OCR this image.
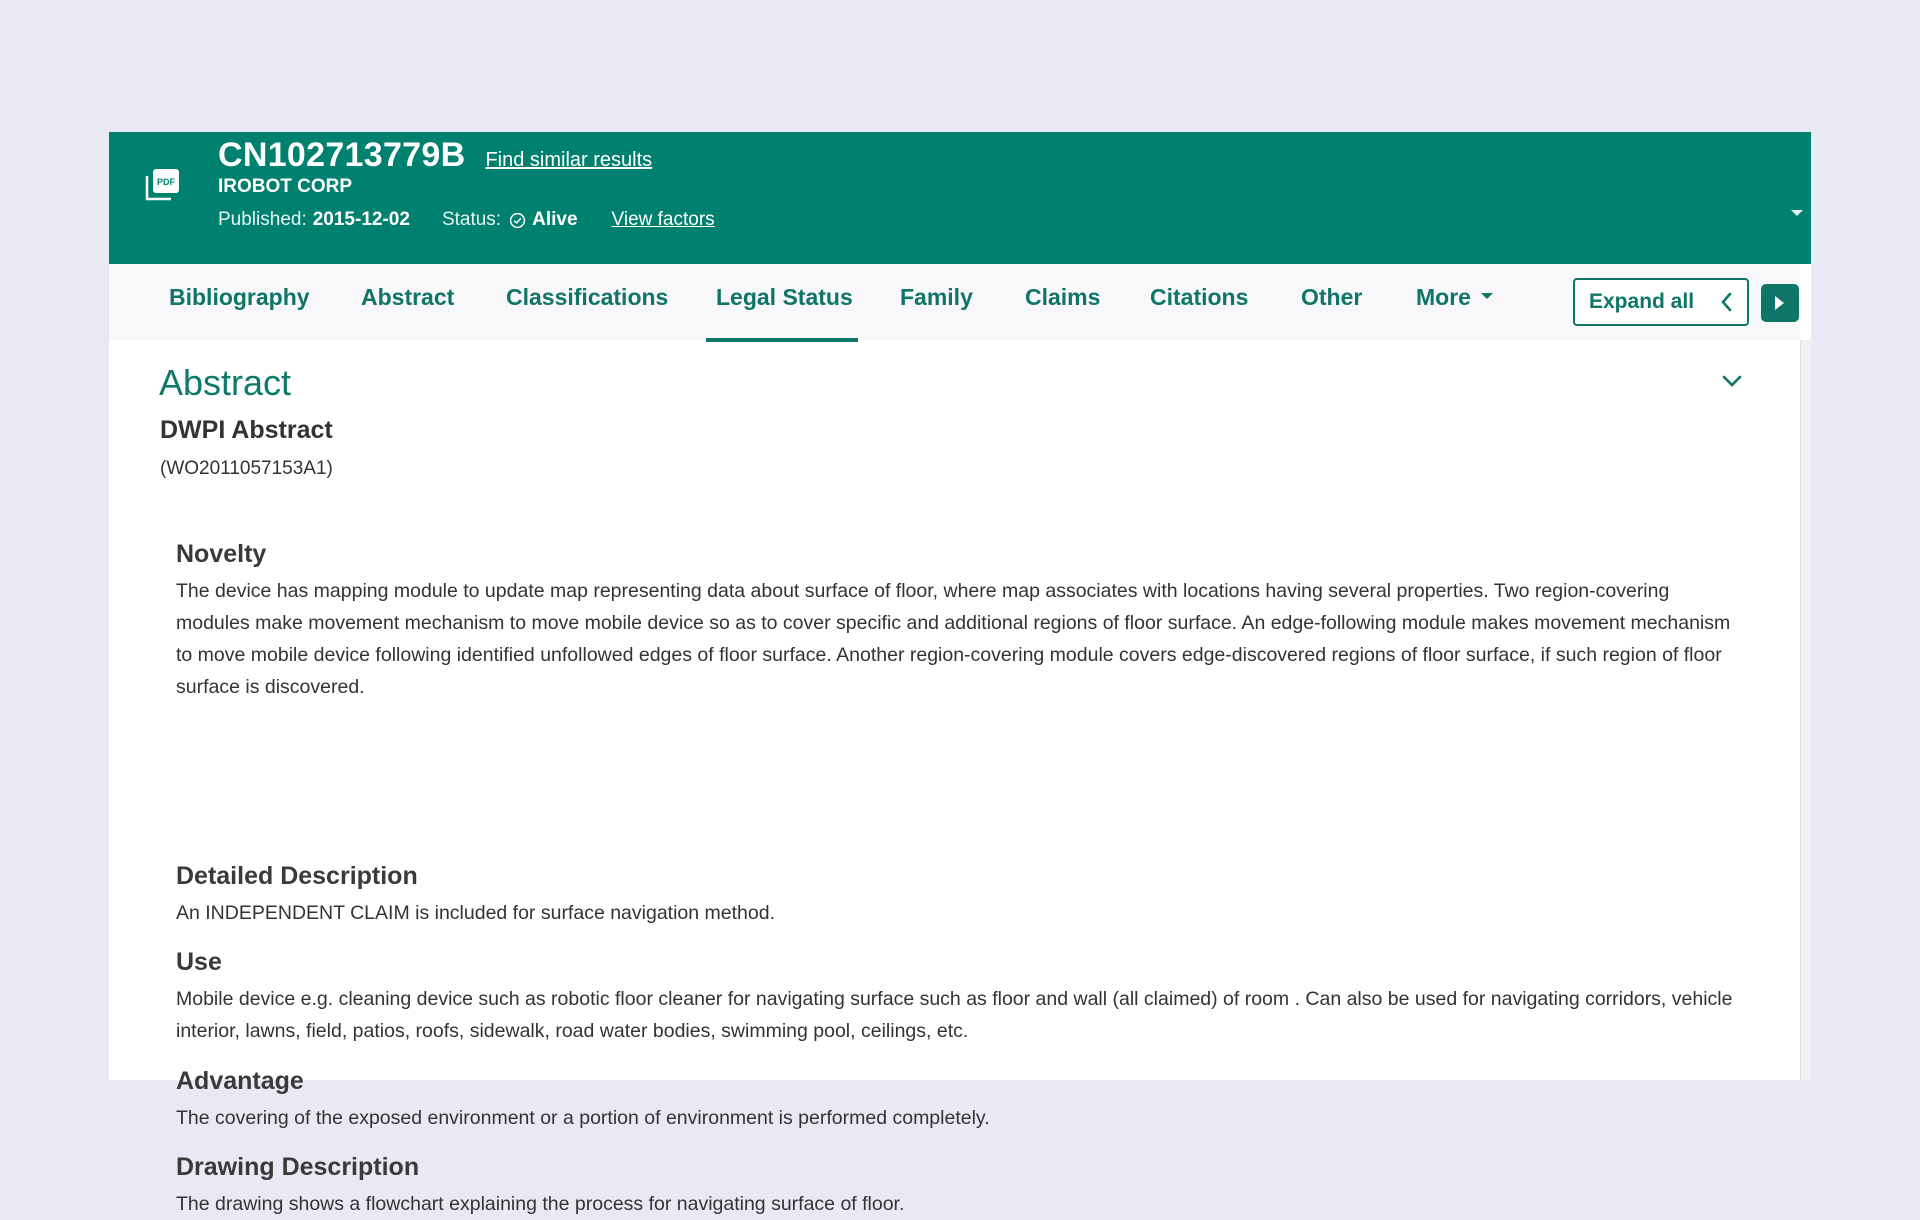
PDF
CN102713779B Find similar results
IROBOT CORP
Published: 2015-12-02 Status: Alive View factors
Bibliography Abstract Classifications Legal Status Family Claims Citations Other More	Expand all
Abstract
DWPI Abstract
(WO2011057153A1)
Novelty

The device has mapping module to update map representing data about surface of floor, where map associates with locations having several properties. Two region-covering modules make movement mechanism to move mobile device so as to cover specific and additional regions of floor surface. An edge-following module makes movement mechanism to move mobile device following identified unfollowed edges of floor surface. Another region-covering module covers edge-discovered regions of floor surface, if such region of floor surface is discovered.

Detailed Description

An INDEPENDENT CLAIM is included for surface navigation method.

Use

Mobile device e.g. cleaning device such as robotic floor cleaner for navigating surface such as floor and wall (all claimed) of room . Can also be used for navigating corridors, vehicle interior, lawns, field, patios, roofs, sidewalk, road water bodies, swimming pool, ceilings, etc.

Advantage

The covering of the exposed environment or a portion of environment is performed completely.

Drawing Description

The drawing shows a flowchart explaining the process for navigating surface of floor.
